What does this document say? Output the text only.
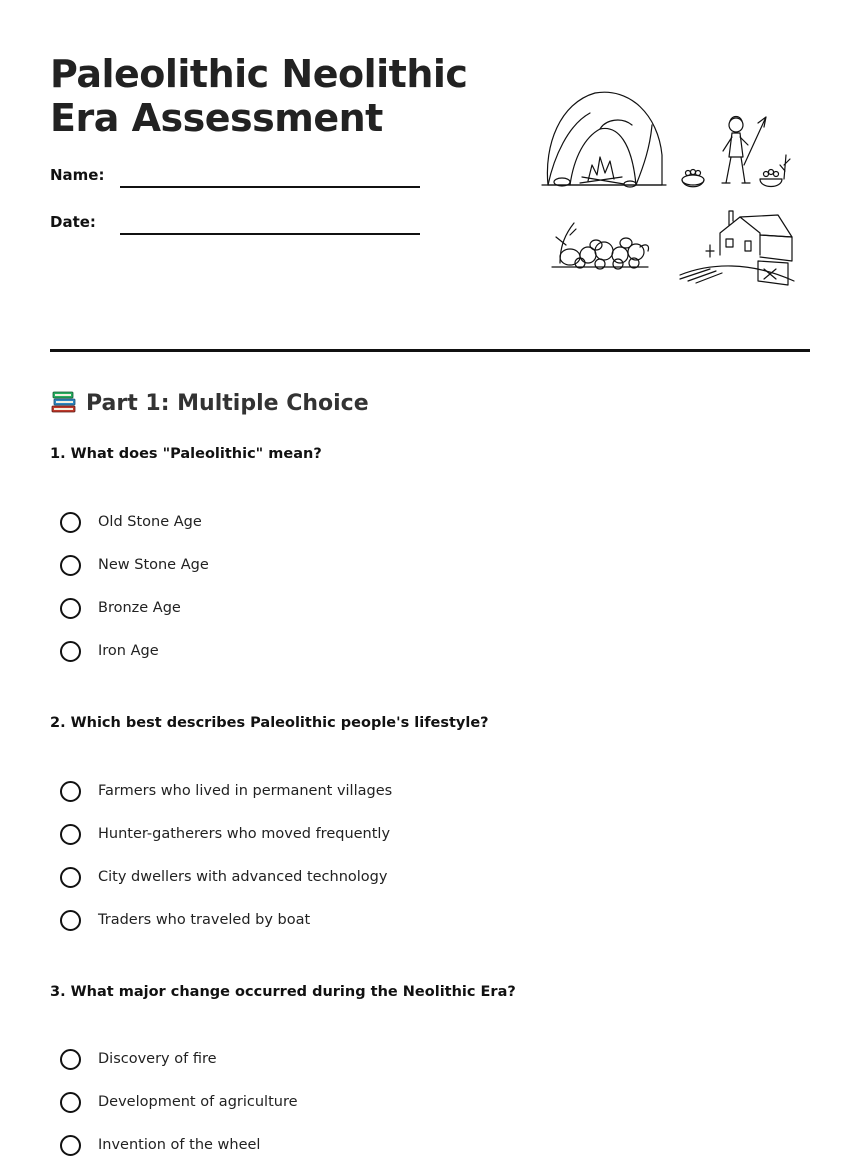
Paleolithic Neolithic Era Assessment
Name:
Date:
Part 1: Multiple Choice
1. What does "Paleolithic" mean?
Old Stone Age
New Stone Age
Bronze Age
Iron Age
2. Which best describes Paleolithic people's lifestyle?
Farmers who lived in permanent villages
Hunter-gatherers who moved frequently
City dwellers with advanced technology
Traders who traveled by boat
3. What major change occurred during the Neolithic Era?
Discovery of fire
Development of agriculture
Invention of the wheel
